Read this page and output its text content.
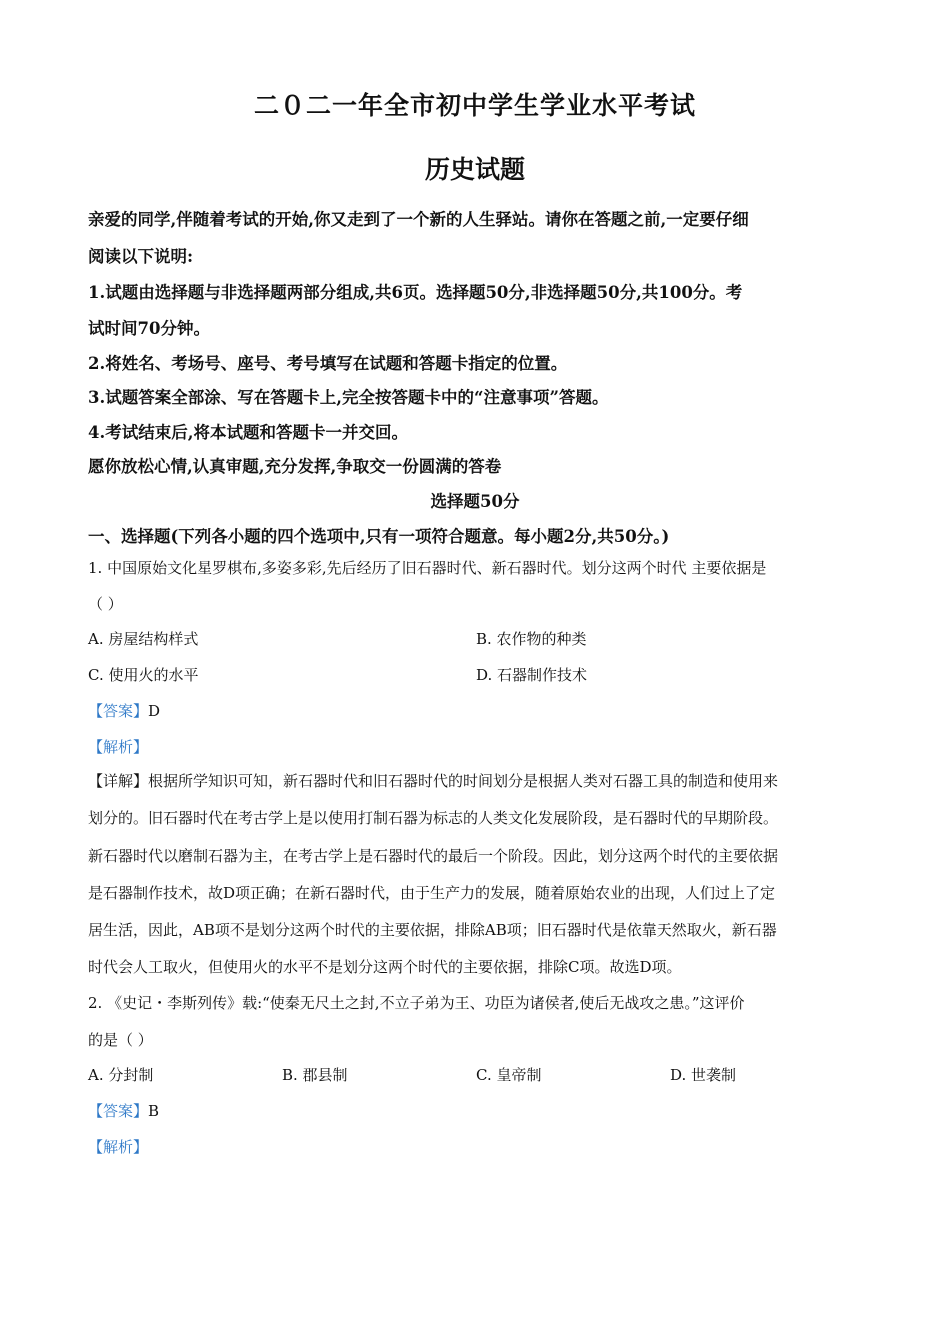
二０二一年全市初中学生学业水平考试
历史试题
亲爱的同学,伴随着考试的开始,你又走到了一个新的人生驿站。请你在答题之前,一定要仔细
阅读以下说明:
1.试题由选择题与非选择题两部分组成,共6页。选择题50分,非选择题50分,共100分。考
试时间70分钟。
2.将姓名、考场号、座号、考号填写在试题和答题卡指定的位置。
3.试题答案全部涂、写在答题卡上,完全按答题卡中的“注意事项”答题。
4.考试结束后,将本试题和答题卡一并交回。
愿你放松心情,认真审题,充分发挥,争取交一份圆满的答卷
选择题50分
一、选择题(下列各小题的四个选项中,只有一项符合题意。每小题2分,共50分。)
1. 中国原始文化星罗棋布,多姿多彩,先后经历了旧石器时代、新石器时代。划分这两个时代 主要依据是
（ ）
A. 房屋结构样式	B. 农作物的种类
C. 使用火的水平	D. 石器制作技术
【答案】D
【解析】
【详解】根据所学知识可知，新石器时代和旧石器时代的时间划分是根据人类对石器工具的制造和使用来
划分的。旧石器时代在考古学上是以使用打制石器为标志的人类文化发展阶段，是石器时代的早期阶段。
新石器时代以磨制石器为主，在考古学上是石器时代的最后一个阶段。因此，划分这两个时代的主要依据
是石器制作技术，故D项正确；在新石器时代，由于生产力的发展，随着原始农业的出现，人们过上了定
居生活，因此，AB项不是划分这两个时代的主要依据，排除AB项；旧石器时代是依靠天然取火，新石器
时代会人工取火，但使用火的水平不是划分这两个时代的主要依据，排除C项。故选D项。
2. 《史记・李斯列传》载:“使秦无尺土之封,不立子弟为王、功臣为诸侯者,使后无战攻之患。”这评价
的是（ ）
A. 分封制	B. 郡县制	C. 皇帝制	D. 世袭制
【答案】B
【解析】
